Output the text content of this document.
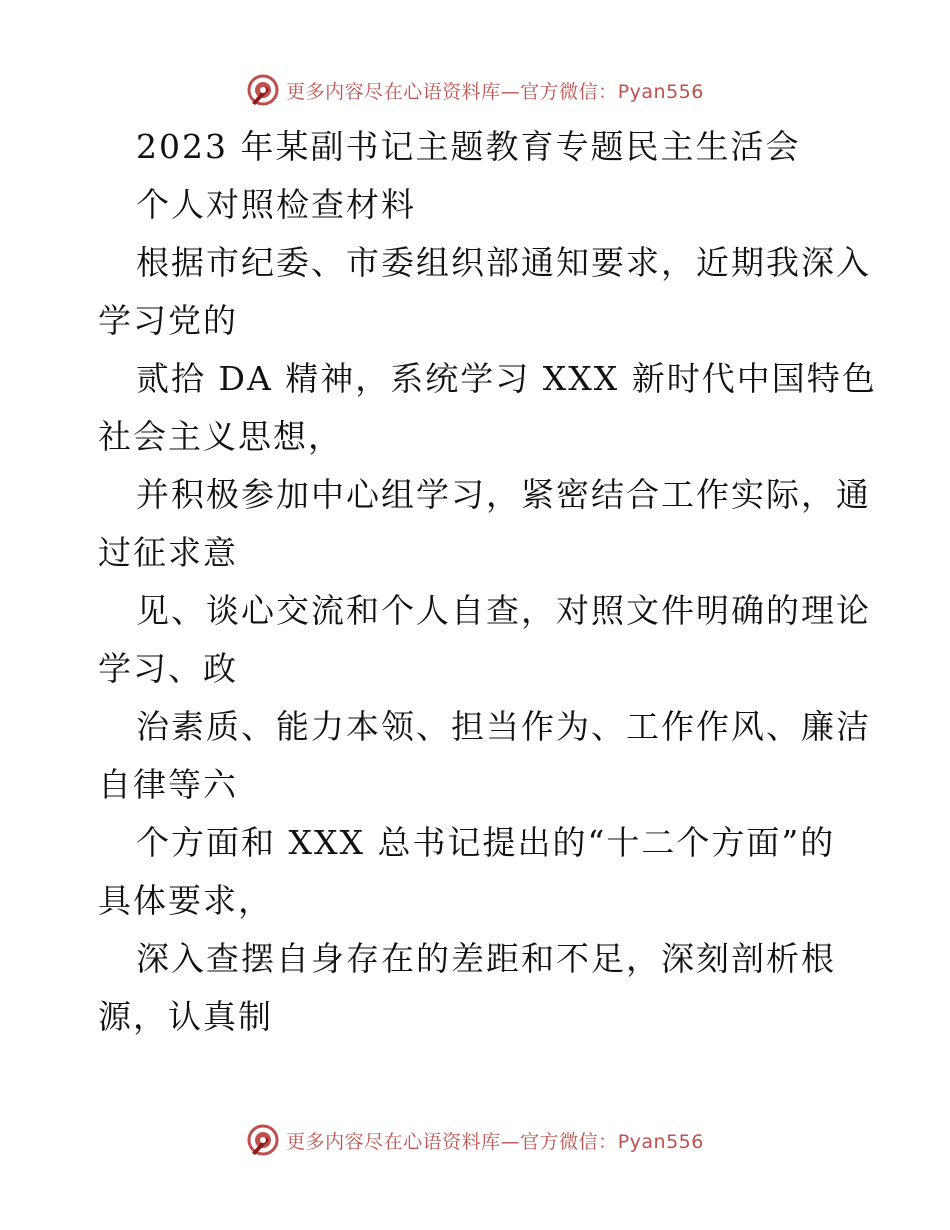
更多内容尽在心语资料库—官方微信：Pyan556
2023 年某副书记主题教育专题民主生活会
个人对照检查材料
根据市纪委、市委组织部通知要求，近期我深入
学习党的
贰拾 DA 精神，系统学习 XXX 新时代中国特色
社会主义思想，
并积极参加中心组学习，紧密结合工作实际，通
过征求意
见、谈心交流和个人自查，对照文件明确的理论
学习、政
治素质、能力本领、担当作为、工作作风、廉洁
自律等六
个方面和 XXX 总书记提出的“十二个方面”的
具体要求，
深入查摆自身存在的差距和不足，深刻剖析根
源，认真制
更多内容尽在心语资料库—官方微信：Pyan556
